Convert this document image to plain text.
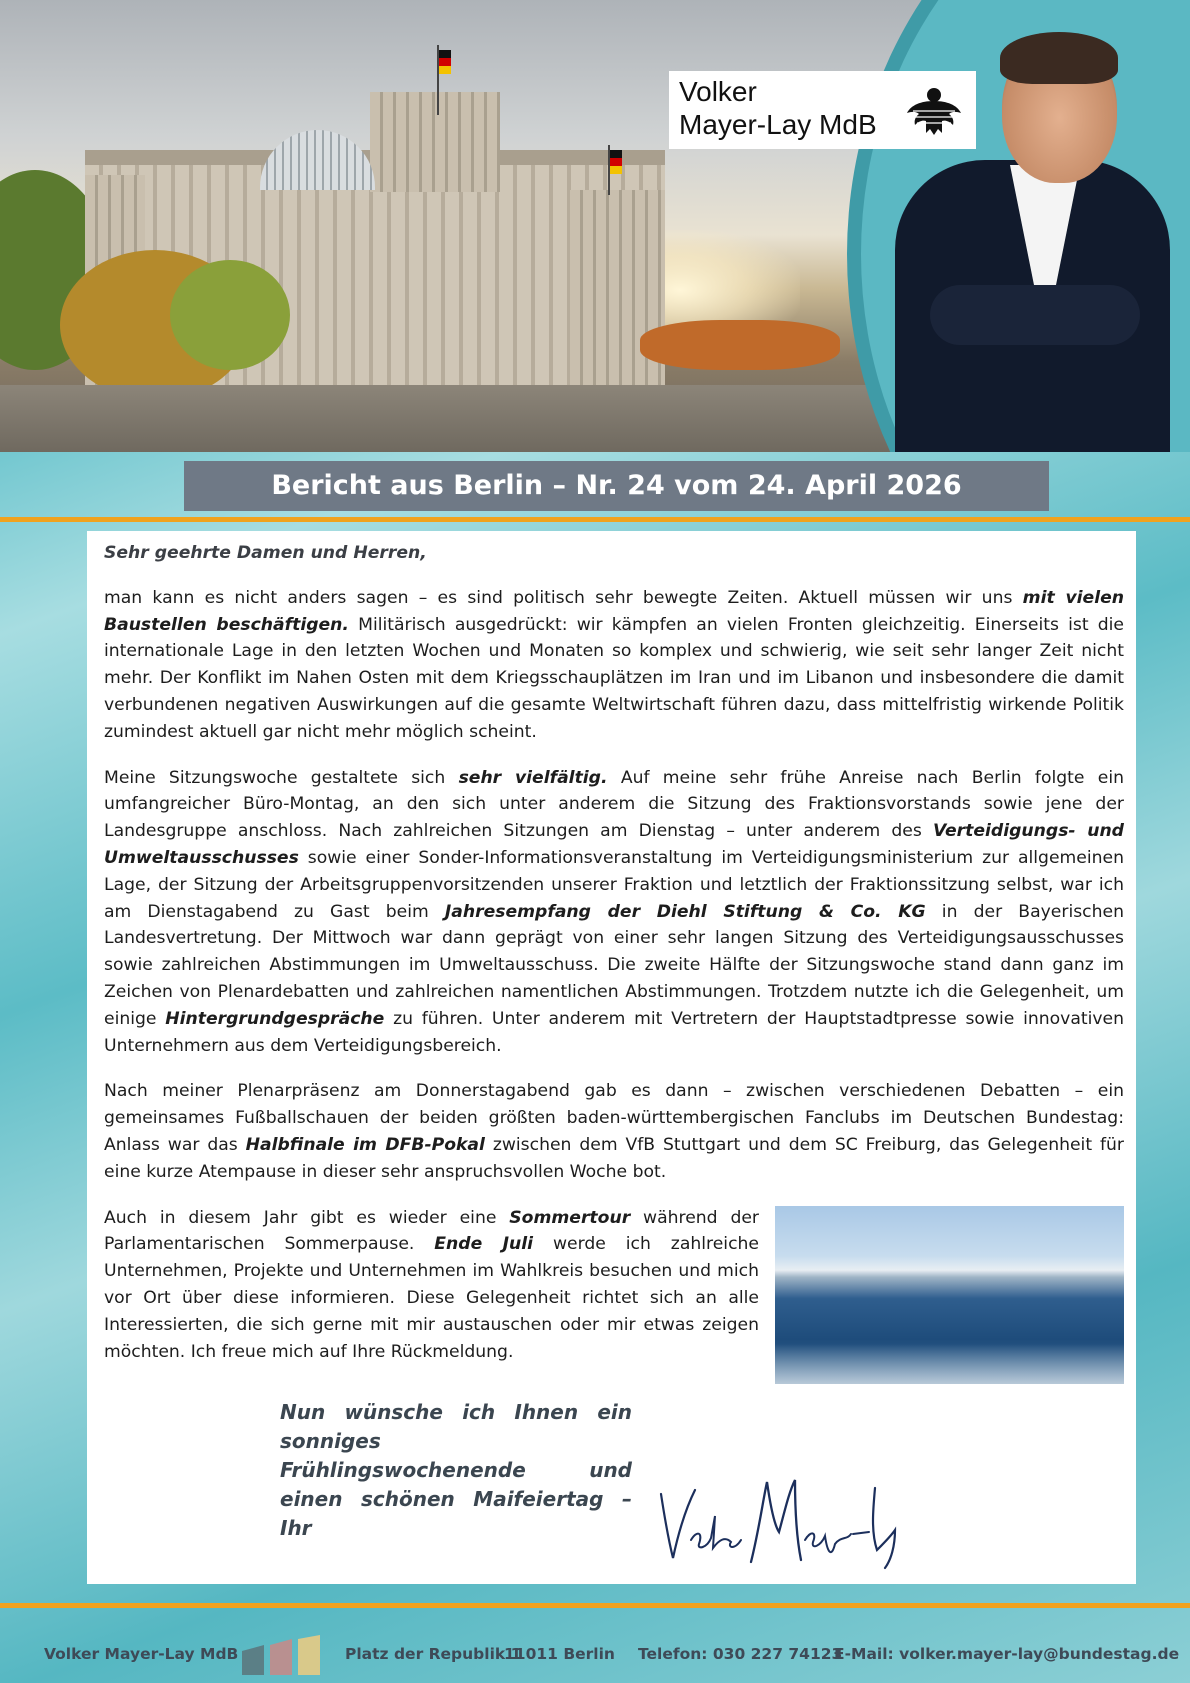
Volker
Mayer-Lay MdB
Bericht aus Berlin – Nr. 24 vom 24. April 2026

Sehr geehrte Damen und Herren,

man kann es nicht anders sagen – es sind politisch sehr bewegte Zeiten. Aktuell müssen wir uns mit vielen Baustellen beschäftigen. Militärisch ausgedrückt: wir kämpfen an vielen Fronten gleichzeitig. Einerseits ist die internationale Lage in den letzten Wochen und Monaten so komplex und schwierig, wie seit sehr langer Zeit nicht mehr. Der Konflikt im Nahen Osten mit dem Kriegsschauplätzen im Iran und im Libanon und insbesondere die damit verbundenen negativen Auswirkungen auf die gesamte Weltwirtschaft führen dazu, dass mittelfristig wirkende Politik zumindest aktuell gar nicht mehr möglich scheint.

Meine Sitzungswoche gestaltete sich sehr vielfältig. Auf meine sehr frühe Anreise nach Berlin folgte ein umfangreicher Büro-Montag, an den sich unter anderem die Sitzung des Fraktionsvorstands sowie jene der Landesgruppe anschloss. Nach zahlreichen Sitzungen am Dienstag – unter anderem des Verteidigungs- und Umweltausschusses sowie einer Sonder-Informationsveranstaltung im Verteidigungsministerium zur allgemeinen Lage, der Sitzung der Arbeitsgruppenvorsitzenden unserer Fraktion und letztlich der Fraktionssitzung selbst, war ich am Dienstagabend zu Gast beim Jahresempfang der Diehl Stiftung & Co. KG in der Bayerischen Landesvertretung. Der Mittwoch war dann geprägt von einer sehr langen Sitzung des Verteidigungsausschusses sowie zahlreichen Abstimmungen im Umweltausschuss. Die zweite Hälfte der Sitzungswoche stand dann ganz im Zeichen von Plenardebatten und zahlreichen namentlichen Abstimmungen. Trotzdem nutzte ich die Gelegenheit, um einige Hintergrundgespräche zu führen. Unter anderem mit Vertretern der Hauptstadtpresse sowie innovativen Unternehmern aus dem Verteidigungsbereich.

Nach meiner Plenarpräsenz am Donnerstagabend gab es dann – zwischen verschiedenen Debatten – ein gemeinsames Fußballschauen der beiden größten baden-württembergischen Fanclubs im Deutschen Bundestag: Anlass war das Halbfinale im DFB-Pokal zwischen dem VfB Stuttgart und dem SC Freiburg, das Gelegenheit für eine kurze Atempause in dieser sehr anspruchsvollen Woche bot.

Auch in diesem Jahr gibt es wieder eine Sommertour während der Parlamentarischen Sommerpause. Ende Juli werde ich zahlreiche Unternehmen, Projekte und Unternehmen im Wahlkreis besuchen und mich vor Ort über diese informieren. Diese Gelegenheit richtet sich an alle Interessierten, die sich gerne mit mir austauschen oder mir etwas zeigen möchten. Ich freue mich auf Ihre Rückmeldung.

Nun wünsche ich Ihnen ein sonniges Frühlingswochenende und einen schönen Maifeiertag – Ihr
Volker Mayer-Lay MdB	Platz der Republik 1
11011 Berlin Telefon: 030 227 74123
E-Mail: volker.mayer-lay@bundestag.de
